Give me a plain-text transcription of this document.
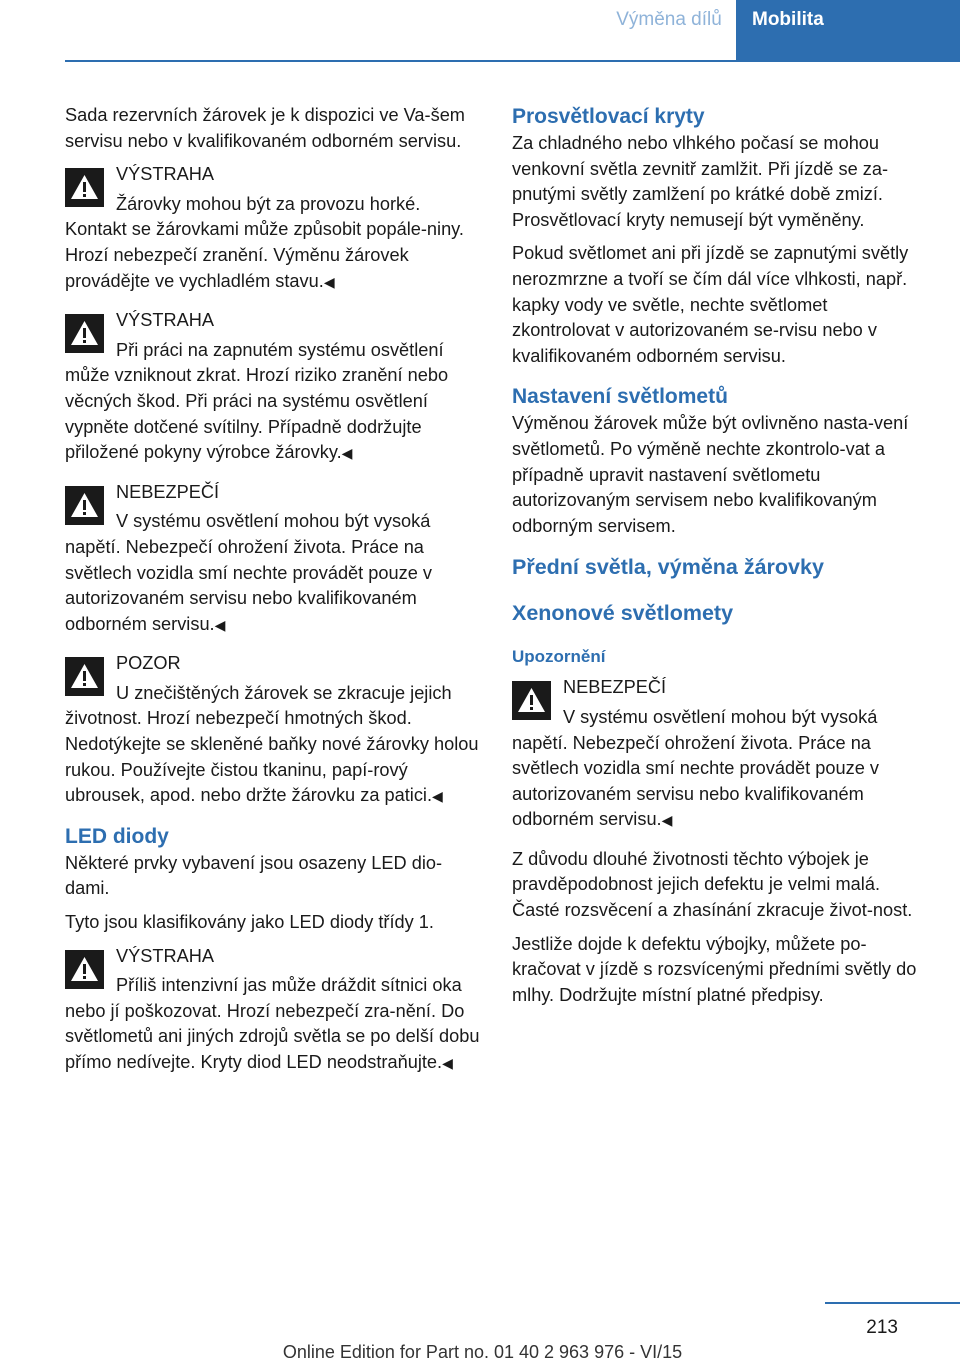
Výměna dílů	Mobilita

Sada rezervních žárovek je k dispozici ve Va‐šem servisu nebo v kvalifikovaném odborném servisu.

VÝSTRAHA
Žárovky mohou být za provozu horké. Kontakt se žárovkami může způsobit popále‐niny. Hrozí nebezpečí zranění. Výměnu žárovek provádějte ve vychladlém stavu.◀
VÝSTRAHA
Při práci na zapnutém systému osvětlení může vzniknout zkrat. Hrozí riziko zranění nebo věcných škod. Při práci na systému osvětlení vypněte dotčené svítilny. Případně dodržujte přiložené pokyny výrobce žárovky.◀
NEBEZPEČÍ
V systému osvětlení mohou být vysoká napětí. Nebezpečí ohrožení života. Práce na světlech vozidla smí nechte provádět pouze v autorizovaném servisu nebo kvalifikovaném odborném servisu.◀
POZOR
U znečištěných žárovek se zkracuje jejich životnost. Hrozí nebezpečí hmotných škod. Nedotýkejte se skleněné baňky nové žárovky holou rukou. Používejte čistou tkaninu, papí‐rový ubrousek, apod. nebo držte žárovku za patici.◀
LED diody

Některé prvky vybavení jsou osazeny LED dio‐dami.

Tyto jsou klasifikovány jako LED diody třídy 1.

VÝSTRAHA
Příliš intenzivní jas může dráždit sítnici oka nebo jí poškozovat. Hrozí nebezpečí zra‐nění. Do světlometů ani jiných zdrojů světla se po delší dobu přímo nedívejte. Kryty diod LED neodstraňujte.◀
Prosvětlovací kryty

Za chladného nebo vlhkého počasí se mohou venkovní světla zevnitř zamlžit. Při jízdě se za‐pnutými světly zamlžení po krátké době zmizí. Prosvětlovací kryty nemusejí být vyměněny.

Pokud světlomet ani při jízdě se zapnutými světly nerozmrzne a tvoří se čím dál více vlhkosti, např. kapky vody ve světle, nechte světlomet zkontrolovat v autorizovaném se‐rvisu nebo v kvalifikovaném odborném servisu.

Nastavení světlometů

Výměnou žárovek může být ovlivněno nasta‐vení světlometů. Po výměně nechte zkontrolo‐vat a případně upravit nastavení světlometu autorizovaným servisem nebo kvalifikovaným odborným servisem.

Přední světla, výměna žárovky
Xenonové světlomety
Upozornění
NEBEZPEČÍ
V systému osvětlení mohou být vysoká napětí. Nebezpečí ohrožení života. Práce na světlech vozidla smí nechte provádět pouze v autorizovaném servisu nebo kvalifikovaném odborném servisu.◀

Z důvodu dlouhé životnosti těchto výbojek je pravděpodobnost jejich defektu je velmi malá. Časté rozsvěcení a zhasínání zkracuje život‐nost.

Jestliže dojde k defektu výbojky, můžete po‐kračovat v jízdě s rozsvícenými předními světly do mlhy. Dodržujte místní platné předpisy.

213
Online Edition for Part no. 01 40 2 963 976 - VI/15
